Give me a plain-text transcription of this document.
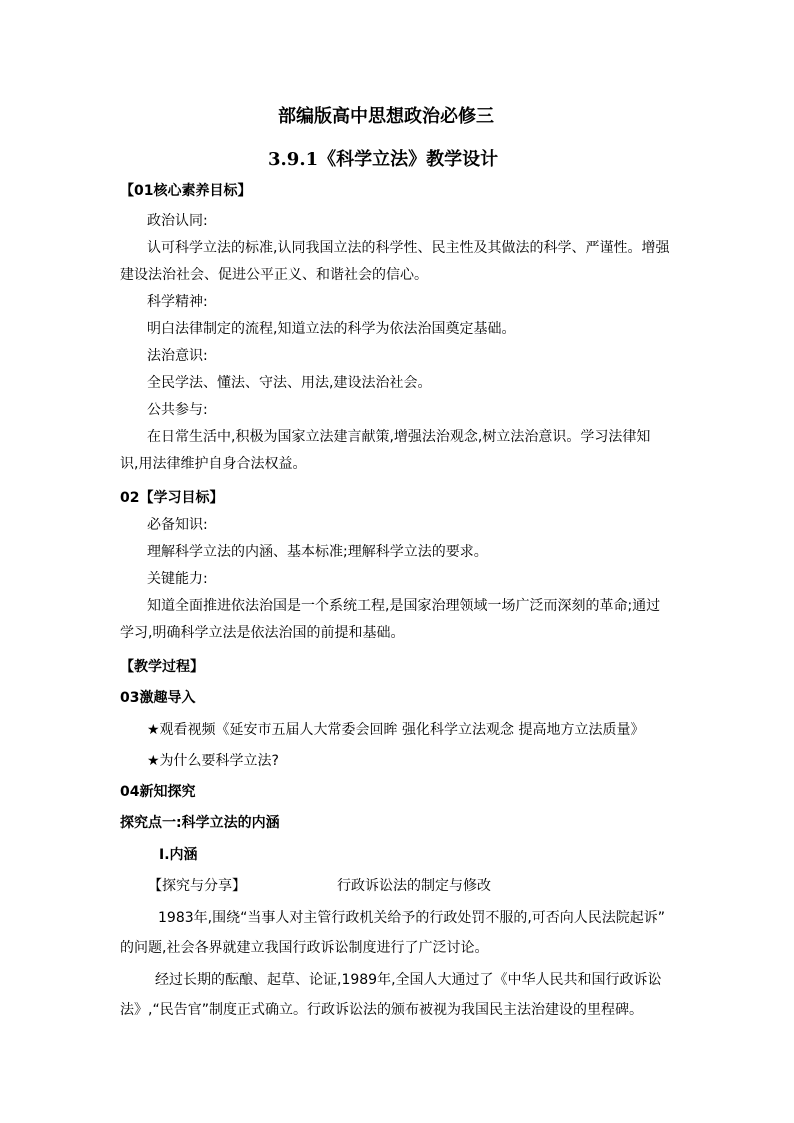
部编版高中思想政治必修三
3.9.1《科学立法》教学设计
【01核心素养目标】
政治认同:
认可科学立法的标准,认同我国立法的科学性、民主性及其做法的科学、严谨性。增强
建设法治社会、促进公平正义、和谐社会的信心。
科学精神:
明白法律制定的流程,知道立法的科学为依法治国奠定基础。
法治意识:
全民学法、懂法、守法、用法,建设法治社会。
公共参与:
在日常生活中,积极为国家立法建言献策,增强法治观念,树立法治意识。学习法律知
识,用法律维护自身合法权益。
02【学习目标】
必备知识:
理解科学立法的内涵、基本标准;理解科学立法的要求。
关键能力:
知道全面推进依法治国是一个系统工程,是国家治理领域一场广泛而深刻的革命;通过
学习,明确科学立法是依法治国的前提和基础。
【教学过程】
03激趣导入
★观看视频《延安市五届人大常委会回眸 强化科学立法观念 提高地方立法质量》
★为什么要科学立法?
04新知探究
探究点一:科学立法的内涵
Ⅰ.内涵
【探究与分享】	行政诉讼法的制定与修改
1983年,围绕“当事人对主管行政机关给予的行政处罚不服的,可否向人民法院起诉”
的问题,社会各界就建立我国行政诉讼制度进行了广泛讨论。
经过长期的酝酿、起草、论证,1989年,全国人大通过了《中华人民共和国行政诉讼
法》,“民告官”制度正式确立。行政诉讼法的颁布被视为我国民主法治建设的里程碑。
